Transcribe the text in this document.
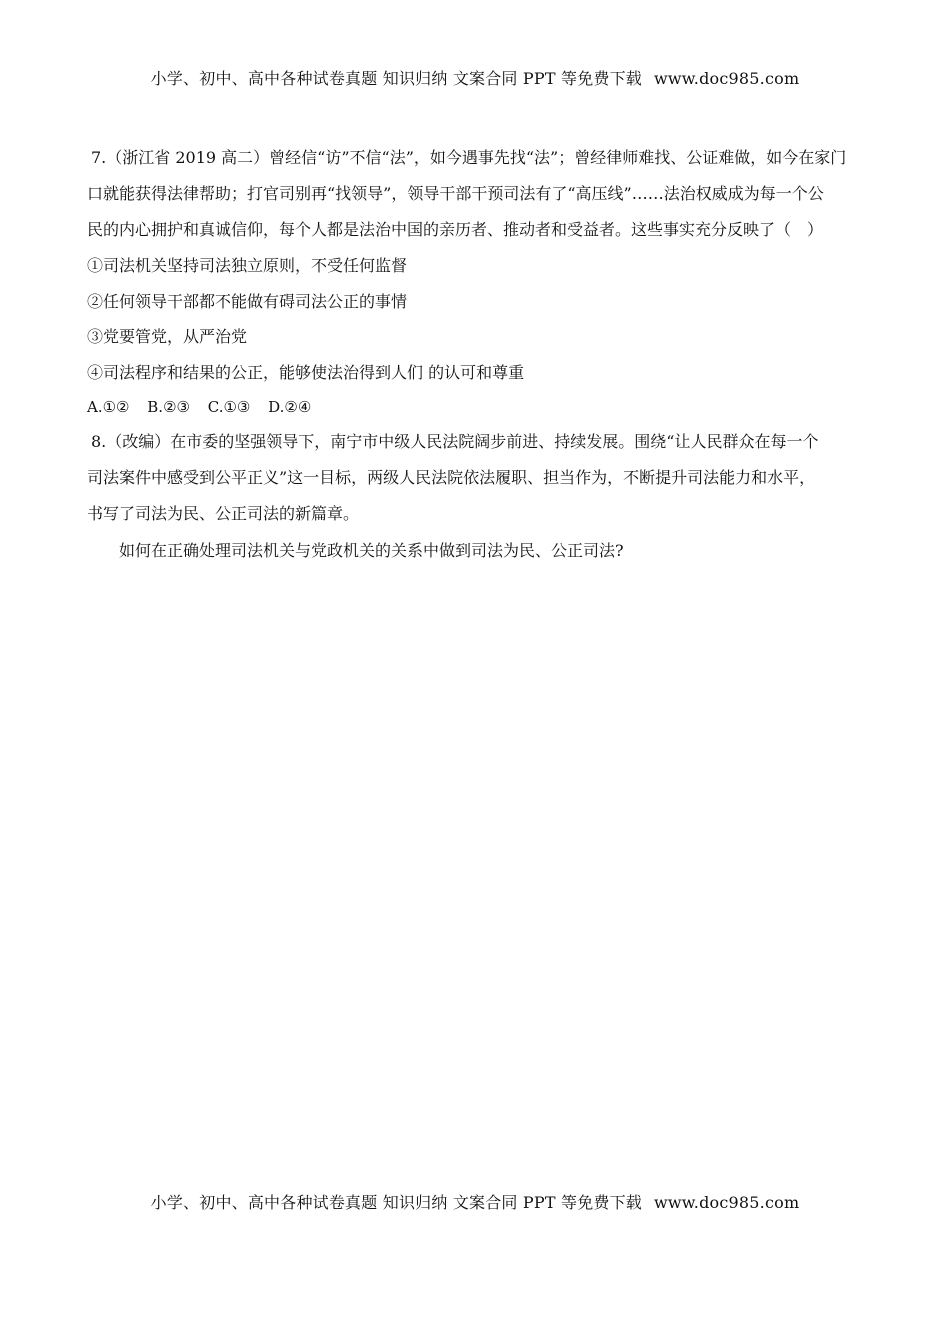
小学、初中、高中各种试卷真题 知识归纳 文案合同 PPT 等免费下载 www.doc985.com
7.（浙江省 2019 高二）曾经信“访”不信“法”，如今遇事先找“法”；曾经律师难找、公证难做，如今在家门
口就能获得法律帮助；打官司别再“找领导”，领导干部干预司法有了“高压线”……法治权威成为每一个公
民的内心拥护和真诚信仰，每个人都是法治中国的亲历者、推动者和受益者。这些事实充分反映了（　）
①司法机关坚持司法独立原则，不受任何监督
②任何领导干部都不能做有碍司法公正的事情
③党要管党，从严治党
④司法程序和结果的公正，能够使法治得到人们 的认可和尊重
A.①② B.②③ C.①③ D.②④
8.（改编）在市委的坚强领导下，南宁市中级人民法院阔步前进、持续发展。围绕“让人民群众在每一个
司法案件中感受到公平正义”这一目标，两级人民法院依法履职、担当作为，不断提升司法能力和水平，
书写了司法为民、公正司法的新篇章。
如何在正确处理司法机关与党政机关的关系中做到司法为民、公正司法?
小学、初中、高中各种试卷真题 知识归纳 文案合同 PPT 等免费下载 www.doc985.com
